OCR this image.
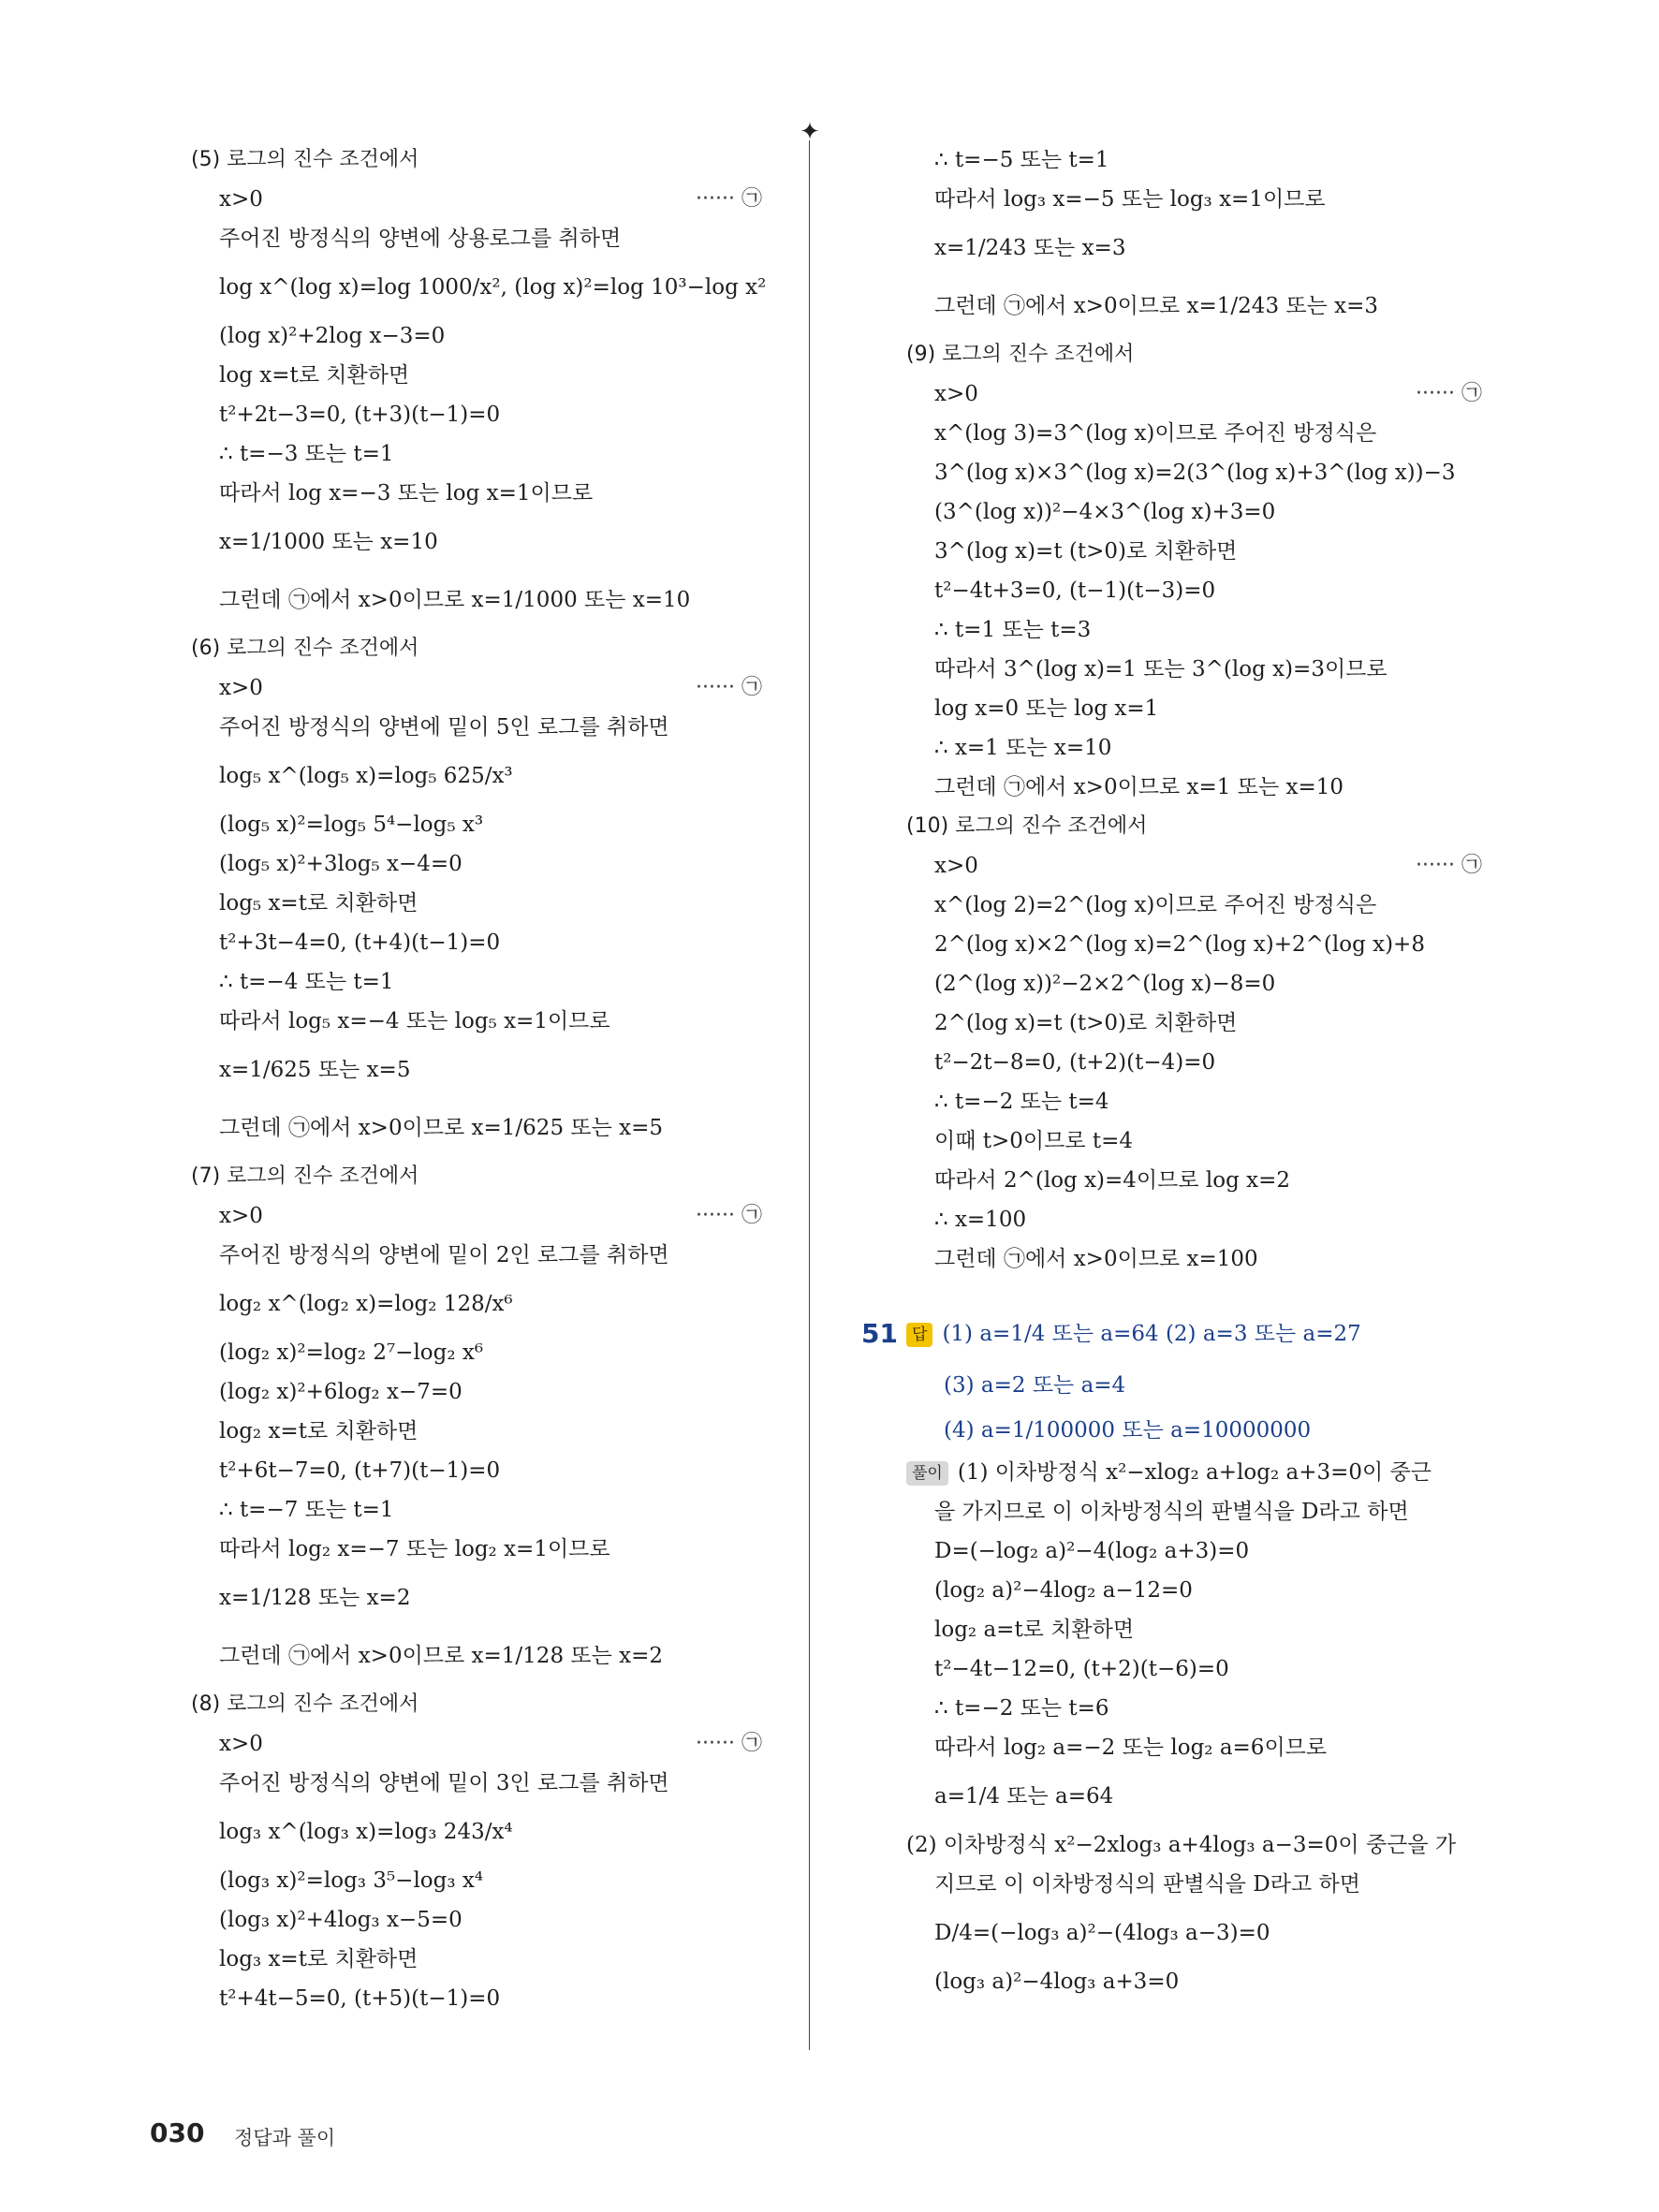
(5) 로그의 진수 조건에서
x>0	······ ㉠
주어진 방정식의 양변에 상용로그를 취하면
log x^(log x)=log 1000/x², (log x)²=log 10³−log x²
(log x)²+2log x−3=0
log x=t로 치환하면
t²+2t−3=0, (t+3)(t−1)=0
∴ t=−3 또는 t=1
따라서 log x=−3 또는 log x=1이므로
x=1/1000 또는 x=10
그런데 ㉠에서 x>0이므로 x=1/1000 또는 x=10
(6) 로그의 진수 조건에서
x>0	······ ㉠
주어진 방정식의 양변에 밑이 5인 로그를 취하면
log₅ x^(log₅ x)=log₅ 625/x³
(log₅ x)²=log₅ 5⁴−log₅ x³
(log₅ x)²+3log₅ x−4=0
log₅ x=t로 치환하면
t²+3t−4=0, (t+4)(t−1)=0
∴ t=−4 또는 t=1
따라서 log₅ x=−4 또는 log₅ x=1이므로
x=1/625 또는 x=5
그런데 ㉠에서 x>0이므로 x=1/625 또는 x=5
(7) 로그의 진수 조건에서
x>0	······ ㉠
주어진 방정식의 양변에 밑이 2인 로그를 취하면
log₂ x^(log₂ x)=log₂ 128/x⁶
(log₂ x)²=log₂ 2⁷−log₂ x⁶
(log₂ x)²+6log₂ x−7=0
log₂ x=t로 치환하면
t²+6t−7=0, (t+7)(t−1)=0
∴ t=−7 또는 t=1
따라서 log₂ x=−7 또는 log₂ x=1이므로
x=1/128 또는 x=2
그런데 ㉠에서 x>0이므로 x=1/128 또는 x=2
(8) 로그의 진수 조건에서
x>0	······ ㉠
주어진 방정식의 양변에 밑이 3인 로그를 취하면
log₃ x^(log₃ x)=log₃ 243/x⁴
(log₃ x)²=log₃ 3⁵−log₃ x⁴
(log₃ x)²+4log₃ x−5=0
log₃ x=t로 치환하면
t²+4t−5=0, (t+5)(t−1)=0
✦
∴ t=−5 또는 t=1
따라서 log₃ x=−5 또는 log₃ x=1이므로
x=1/243 또는 x=3
그런데 ㉠에서 x>0이므로 x=1/243 또는 x=3
(9) 로그의 진수 조건에서
x>0	······ ㉠
x^(log 3)=3^(log x)이므로 주어진 방정식은
3^(log x)×3^(log x)=2(3^(log x)+3^(log x))−3
(3^(log x))²−4×3^(log x)+3=0
3^(log x)=t (t>0)로 치환하면
t²−4t+3=0, (t−1)(t−3)=0
∴ t=1 또는 t=3
따라서 3^(log x)=1 또는 3^(log x)=3이므로
log x=0 또는 log x=1
∴ x=1 또는 x=10
그런데 ㉠에서 x>0이므로 x=1 또는 x=10
(10) 로그의 진수 조건에서
x>0	······ ㉠
x^(log 2)=2^(log x)이므로 주어진 방정식은
2^(log x)×2^(log x)=2^(log x)+2^(log x)+8
(2^(log x))²−2×2^(log x)−8=0
2^(log x)=t (t>0)로 치환하면
t²−2t−8=0, (t+2)(t−4)=0
∴ t=−2 또는 t=4
이때 t>0이므로 t=4
따라서 2^(log x)=4이므로 log x=2
∴ x=100
그런데 ㉠에서 x>0이므로 x=100
51 답 (1) a=1/4 또는 a=64 (2) a=3 또는 a=27
(3) a=2 또는 a=4
(4) a=1/100000 또는 a=10000000
풀이 (1) 이차방정식 x²−xlog₂ a+log₂ a+3=0이 중근
을 가지므로 이 이차방정식의 판별식을 D라고 하면
D=(−log₂ a)²−4(log₂ a+3)=0
(log₂ a)²−4log₂ a−12=0
log₂ a=t로 치환하면
t²−4t−12=0, (t+2)(t−6)=0
∴ t=−2 또는 t=6
따라서 log₂ a=−2 또는 log₂ a=6이므로
a=1/4 또는 a=64
(2) 이차방정식 x²−2xlog₃ a+4log₃ a−3=0이 중근을 가
지므로 이 이차방정식의 판별식을 D라고 하면
D/4=(−log₃ a)²−(4log₃ a−3)=0
(log₃ a)²−4log₃ a+3=0
030 정답과 풀이
